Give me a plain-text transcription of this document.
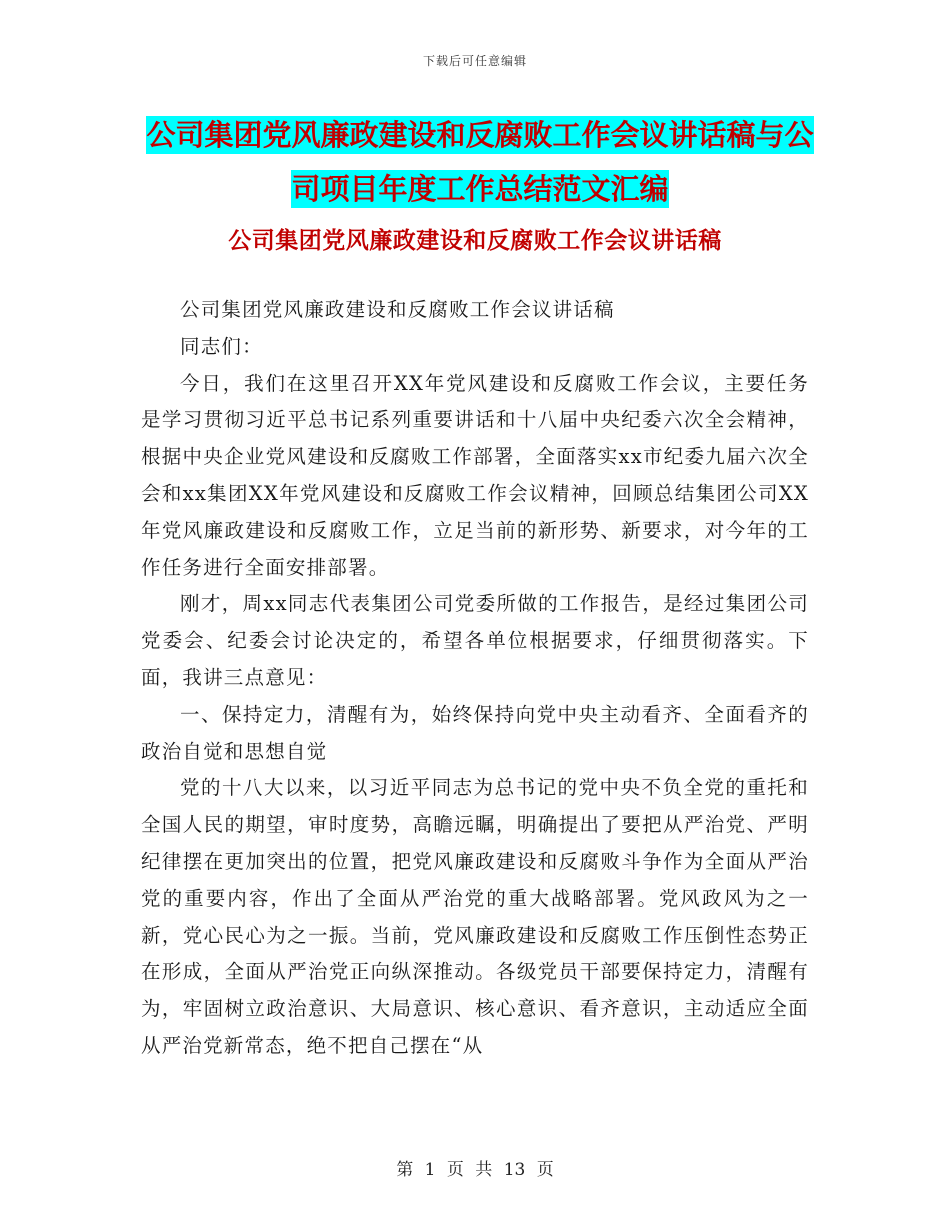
下载后可任意编辑
公司集团党风廉政建设和反腐败工作会议讲话稿与公司项目年度工作总结范文汇编
公司集团党风廉政建设和反腐败工作会议讲话稿

公司集团党风廉政建设和反腐败工作会议讲话稿

同志们：

今日，我们在这里召开XX年党风建设和反腐败工作会议，主要任务是学习贯彻习近平总书记系列重要讲话和十八届中央纪委六次全会精神，根据中央企业党风建设和反腐败工作部署，全面落实xx市纪委九届六次全会和xx集团XX年党风建设和反腐败工作会议精神，回顾总结集团公司XX年党风廉政建设和反腐败工作，立足当前的新形势、新要求，对今年的工作任务进行全面安排部署。

刚才，周xx同志代表集团公司党委所做的工作报告，是经过集团公司党委会、纪委会讨论决定的，希望各单位根据要求，仔细贯彻落实。下面，我讲三点意见：

一、保持定力，清醒有为，始终保持向党中央主动看齐、全面看齐的政治自觉和思想自觉

党的十八大以来，以习近平同志为总书记的党中央不负全党的重托和全国人民的期望，审时度势，高瞻远瞩，明确提出了要把从严治党、严明纪律摆在更加突出的位置，把党风廉政建设和反腐败斗争作为全面从严治党的重要内容，作出了全面从严治党的重大战略部署。党风政风为之一新，党心民心为之一振。当前，党风廉政建设和反腐败工作压倒性态势正在形成，全面从严治党正向纵深推动。各级党员干部要保持定力，清醒有为，牢固树立政治意识、大局意识、核心意识、看齐意识，主动适应全面从严治党新常态，绝不把自己摆在“从

第 1 页 共 13 页
